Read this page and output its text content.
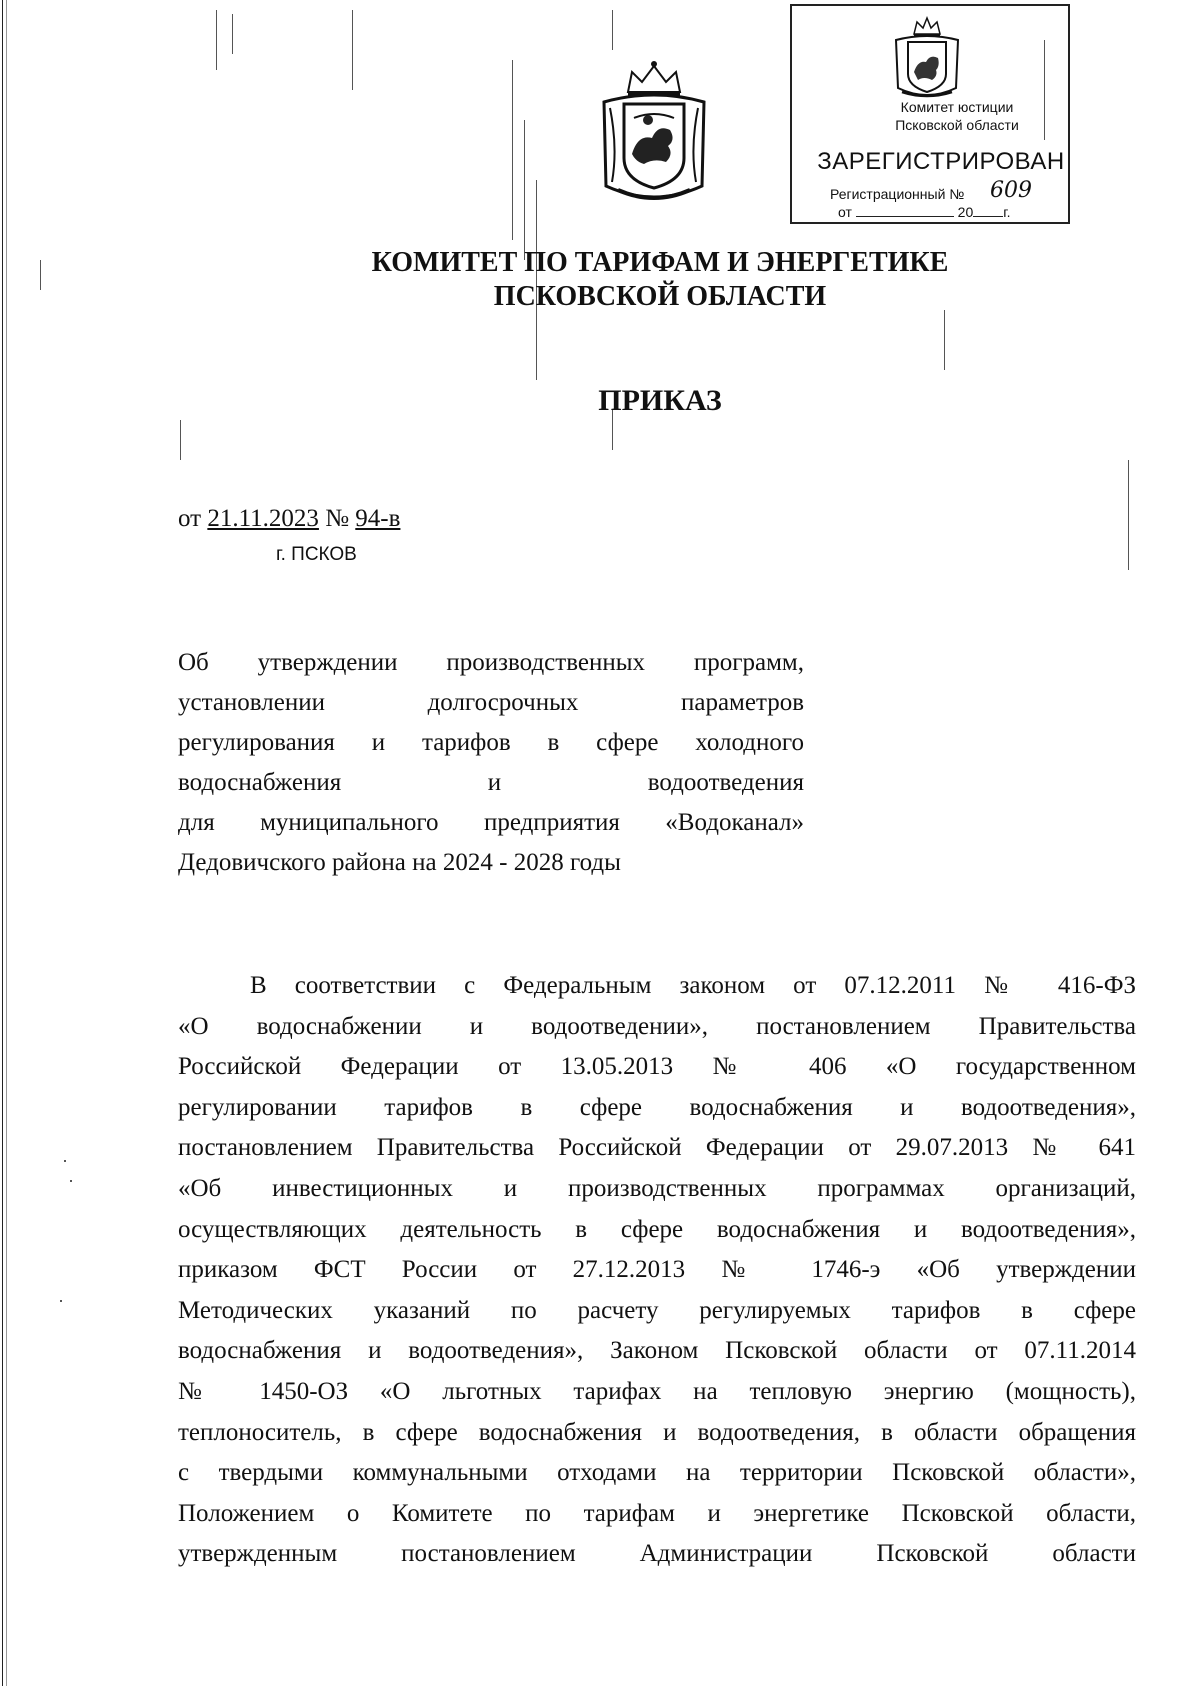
Комитет юстиции
Псковской области
ЗАРЕГИСТРИРОВАН
Регистрационный № 609
от	20 г.
КОМИТЕТ ПО ТАРИФАМ И ЭНЕРГЕТИКЕ
ПСКОВСКОЙ ОБЛАСТИ
ПРИКАЗ
от 21.11.2023 № 94-в
г. ПСКОВ
Об утверждении производственных программ,
установлении долгосрочных параметров
регулирования и тарифов в сфере холодного
водоснабжения и водоотведения
для муниципального предприятия «Водоканал»
Дедовичского района на 2024 - 2028 годы
В соответствии с Федеральным законом от 07.12.2011 № 416-ФЗ
«О водоснабжении и водоотведении», постановлением Правительства
Российской Федерации от 13.05.2013 № 406 «О государственном
регулировании тарифов в сфере водоснабжения и водоотведения»,
постановлением Правительства Российской Федерации от 29.07.2013 № 641
«Об инвестиционных и производственных программах организаций,
осуществляющих деятельность в сфере водоснабжения и водоотведения»,
приказом ФСТ России от 27.12.2013 № 1746-э «Об утверждении
Методических указаний по расчету регулируемых тарифов в сфере
водоснабжения и водоотведения», Законом Псковской области от 07.11.2014
№ 1450-ОЗ «О льготных тарифах на тепловую энергию (мощность),
теплоноситель, в сфере водоснабжения и водоотведения, в области обращения
с твердыми коммунальными отходами на территории Псковской области»,
Положением о Комитете по тарифам и энергетике Псковской области,
утвержденным постановлением Администрации Псковской области
